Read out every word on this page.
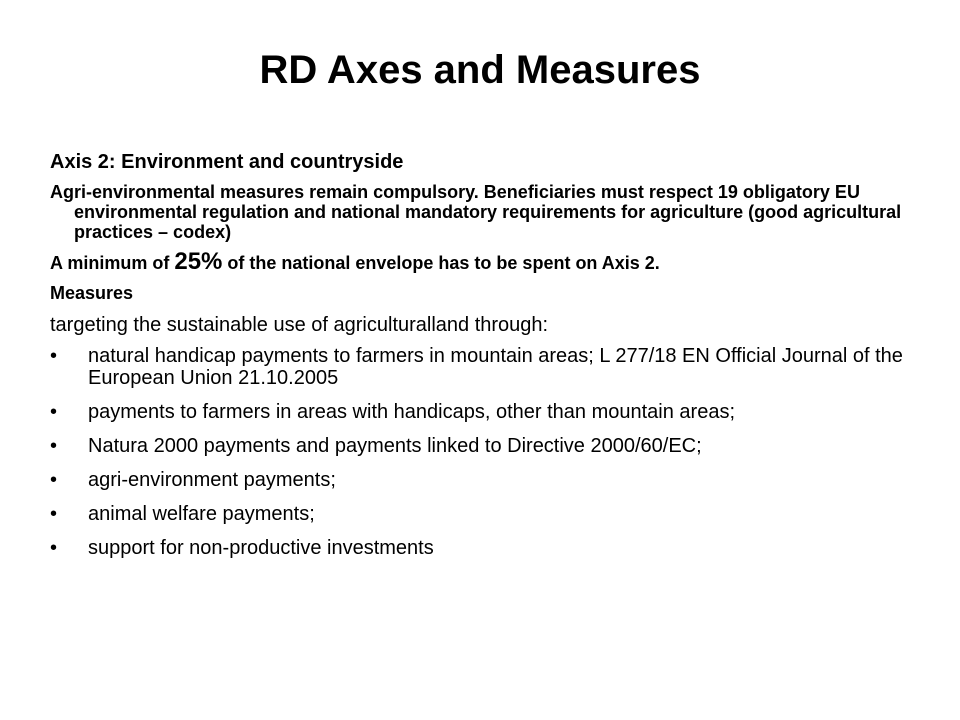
RD Axes and Measures
Axis 2: Environment and countryside
Agri-environmental measures remain compulsory. Beneficiaries must respect 19 obligatory EU environmental regulation and national mandatory requirements for agriculture (good agricultural practices – codex)
A minimum of 25% of the national envelope has to be spent on Axis 2.
Measures
targeting the sustainable use of agriculturalland through:
•	natural handicap payments to farmers in mountain areas; L 277/18 EN Official Journal of the European Union 21.10.2005
•	payments to farmers in areas with handicaps, other than mountain areas;
•	Natura 2000 payments and payments linked to Directive 2000/60/EC;
•	agri-environment payments;
•	animal welfare payments;
•	support for non-productive investments
